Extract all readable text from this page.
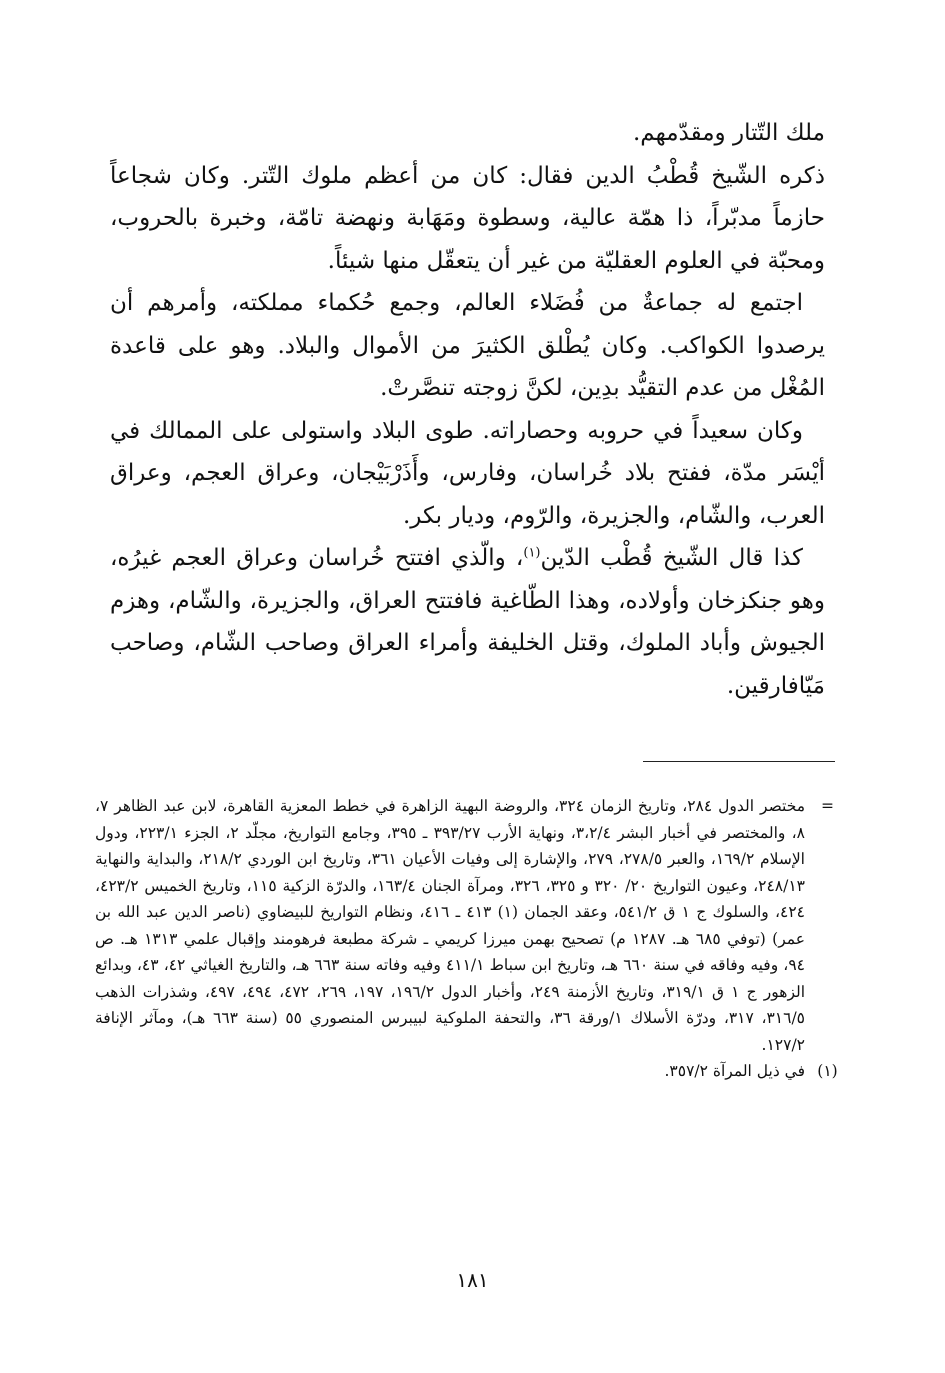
ملك التّتار ومقدّمهم.

ذكره الشّيخ قُطْبُ الدين فقال: كان من أعظم ملوك التّتر. وكان شجاعاً حازماً مدبّراً، ذا همّة عالية، وسطوة ومَهَابة ونهضة تامّة، وخبرة بالحروب، ومحبّة في العلوم العقليّة من غير أن يتعقّل منها شيئاً.

اجتمع له جماعةٌ من فُضَلاء العالم، وجمع حُكماء مملكته، وأمرهم أن يرصدوا الكواكب. وكان يُطْلق الكثيرَ من الأموال والبلاد. وهو على قاعدة المُغْل من عدم التقيُّد بدِين، لكنَّ زوجته تنصَّرتْ.

وكان سعيداً في حروبه وحصاراته. طوى البلاد واستولى على الممالك في أيْسَر مدّة، ففتح بلاد خُراسان، وفارس، وأَذَرْبَيْجان، وعراق العجم، وعراق العرب، والشّام، والجزيرة، والرّوم، وديار بكر.

كذا قال الشّيخ قُطْب الدّين$^{(١)}$، والّذي افتتح خُراسان وعراق العجم غيرُه، وهو جنكزخان وأولاده، وهذا الطّاغية فافتتح العراق، والجزيرة، والشّام، وهزم الجيوش وأباد الملوك، وقتل الخليفة وأمراء العراق وصاحب الشّام، وصاحب مَيّافارقين.

=
مختصر الدول ٢٨٤، وتاريخ الزمان ٣٢٤، والروضة البهية الزاهرة في خطط المعزية القاهرة، لابن عبد الظاهر ٧، ٨، والمختصر في أخبار البشر ٣،٢/٤، ونهاية الأرب ٣٩٣/٢٧ ـ ٣٩٥، وجامع التواريخ، مجلّد ٢، الجزء ٢٢٣/١، ودول الإسلام ١٦٩/٢، والعبر ٢٧٨/٥، ٢٧٩، والإشارة إلى وفيات الأعيان ٣٦١، وتاريخ ابن الوردي ٢١٨/٢، والبداية والنهاية ٢٤٨/١٣، وعيون التواريخ ٢٠/ ٣٢٠ و ٣٢٥، ٣٢٦، ومرآة الجنان ١٦٣/٤، والدرّة الزكية ١١٥، وتاريخ الخميس ٤٢٣/٢، ٤٢٤، والسلوك ج ١ ق ٥٤١/٢، وعقد الجمان (١) ٤١٣ ـ ٤١٦، ونظام التواريخ للبيضاوي (ناصر الدين عبد الله بن عمر) (توفي ٦٨٥ هـ. ١٢٨٧ م) تصحيح بهمن ميرزا كريمي ـ شركة مطبعة فرهومند وإقبال علمي ١٣١٣ هـ. ص ٩٤، وفيه وفاقه في سنة ٦٦٠ هـ، وتاريخ ابن سباط ٤١١/١ وفيه وفاته سنة ٦٦٣ هـ، والتاريخ الغياثي ٤٢، ٤٣، وبدائع الزهور ج ١ ق ٣١٩/١، وتاريخ الأزمنة ٢٤٩، وأخبار الدول ١٩٦/٢، ١٩٧، ٢٦٩، ٤٧٢، ٤٩٤، ٤٩٧، وشذرات الذهب ٣١٦/٥، ٣١٧، ودرّة الأسلاك ١/ورقة ٣٦، والتحفة الملوكية لبيبرس المنصوري ٥٥ (سنة ٦٦٣ هـ)، ومآثر الإنافة ١٢٧/٢.
(١)
في ذيل المرآة ٣٥٧/٢.
١٨١
